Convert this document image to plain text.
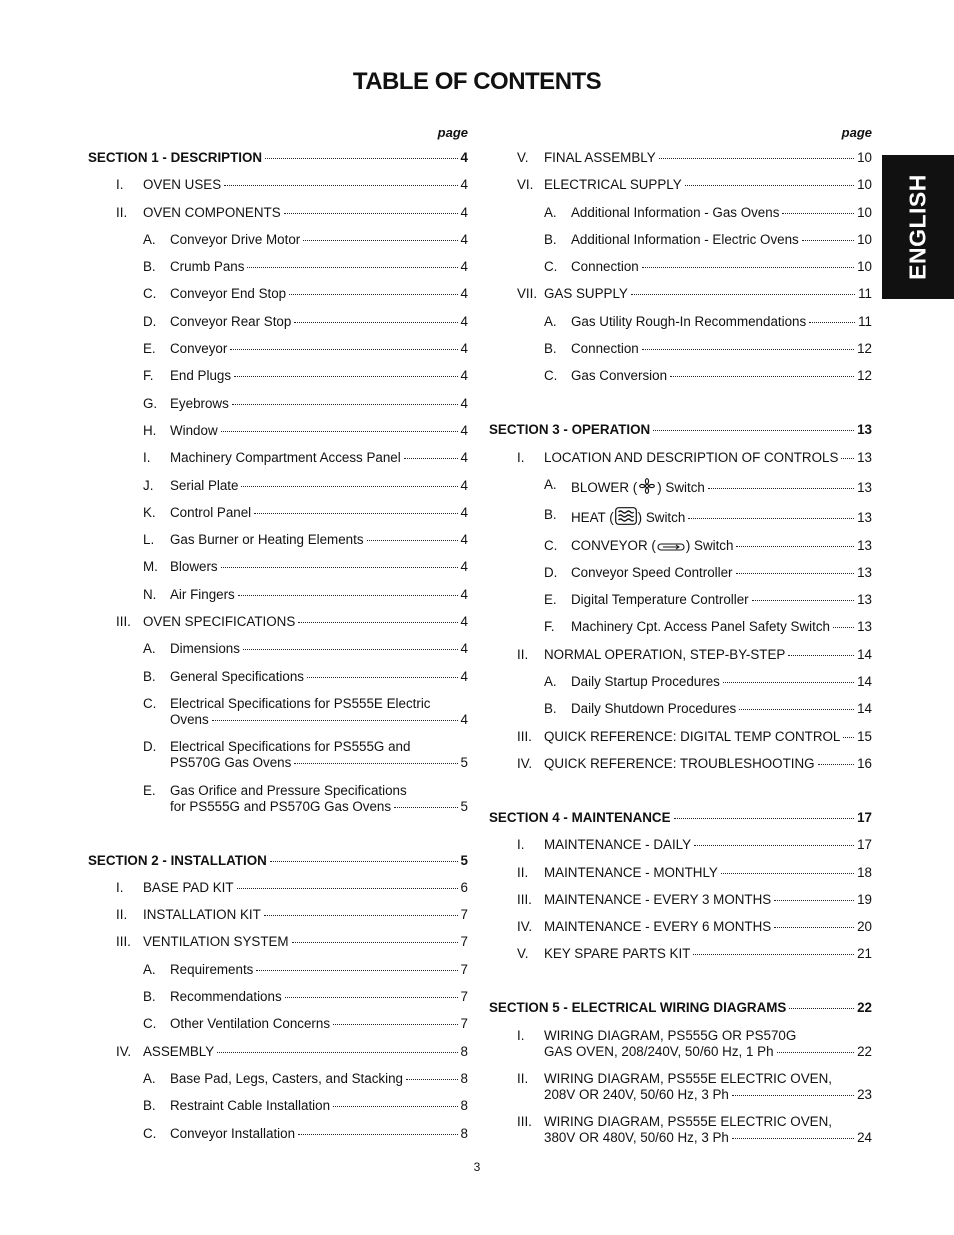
TABLE OF CONTENTS
page
SECTION 1 - DESCRIPTION	4
I. OVEN USES	4
II. OVEN COMPONENTS	4
A. Conveyor Drive Motor	4
B. Crumb Pans	4
C. Conveyor End Stop	4
D. Conveyor Rear Stop	4
E. Conveyor	4
F. End Plugs	4
G. Eyebrows	4
H. Window	4
I. Machinery Compartment Access Panel	4
J. Serial Plate	4
K. Control Panel	4
L. Gas Burner or Heating Elements	4
M. Blowers	4
N. Air Fingers	4
III. OVEN SPECIFICATIONS	4
A. Dimensions	4
B. General Specifications	4
C. Electrical Specifications for PS555E Electric
Ovens	4
D. Electrical Specifications for PS555G and
PS570G Gas Ovens	5
E. Gas Orifice and Pressure Specifications
for PS555G and PS570G Gas Ovens	5
SECTION 2 - INSTALLATION	5
I. BASE PAD KIT	6
II. INSTALLATION KIT	7
III. VENTILATION SYSTEM	7
A. Requirements	7
B. Recommendations	7
C. Other Ventilation Concerns	7
IV. ASSEMBLY	8
A. Base Pad, Legs, Casters, and Stacking	8
B. Restraint Cable Installation	8
C. Conveyor Installation	8
page
V. FINAL ASSEMBLY	10
VI. ELECTRICAL SUPPLY	10
A. Additional Information - Gas Ovens	10
B. Additional Information - Electric Ovens	10
C. Connection	10
VII. GAS SUPPLY	11
A. Gas Utility Rough-In Recommendations	11
B. Connection	12
C. Gas Conversion	12
SECTION 3 - OPERATION	13
I. LOCATION AND DESCRIPTION OF CONTROLS 13
A. BLOWER ( ) Switch	13
B. HEAT ( ) Switch	13
C. CONVEYOR ( ) Switch	13
D. Conveyor Speed Controller	13
E. Digital Temperature Controller	13
F. Machinery Cpt. Access Panel Safety Switch 13
II. NORMAL OPERATION, STEP-BY-STEP	14
A. Daily Startup Procedures	14
B. Daily Shutdown Procedures	14
III. QUICK REFERENCE: DIGITAL TEMP CONTROL 15
IV. QUICK REFERENCE: TROUBLESHOOTING	16
SECTION 4 - MAINTENANCE	17
I. MAINTENANCE - DAILY	17
II. MAINTENANCE - MONTHLY	18
III. MAINTENANCE - EVERY 3 MONTHS	19
IV. MAINTENANCE - EVERY 6 MONTHS	20
V. KEY SPARE PARTS KIT	21
SECTION 5 - ELECTRICAL WIRING DIAGRAMS	22
I. WIRING DIAGRAM, PS555G OR PS570G
GAS OVEN, 208/240V, 50/60 Hz, 1 Ph	22
II. WIRING DIAGRAM, PS555E ELECTRIC OVEN,
208V OR 240V, 50/60 Hz, 3 Ph	23
III. WIRING DIAGRAM, PS555E ELECTRIC OVEN,
380V OR 480V, 50/60 Hz, 3 Ph	24
ENGLISH
3
